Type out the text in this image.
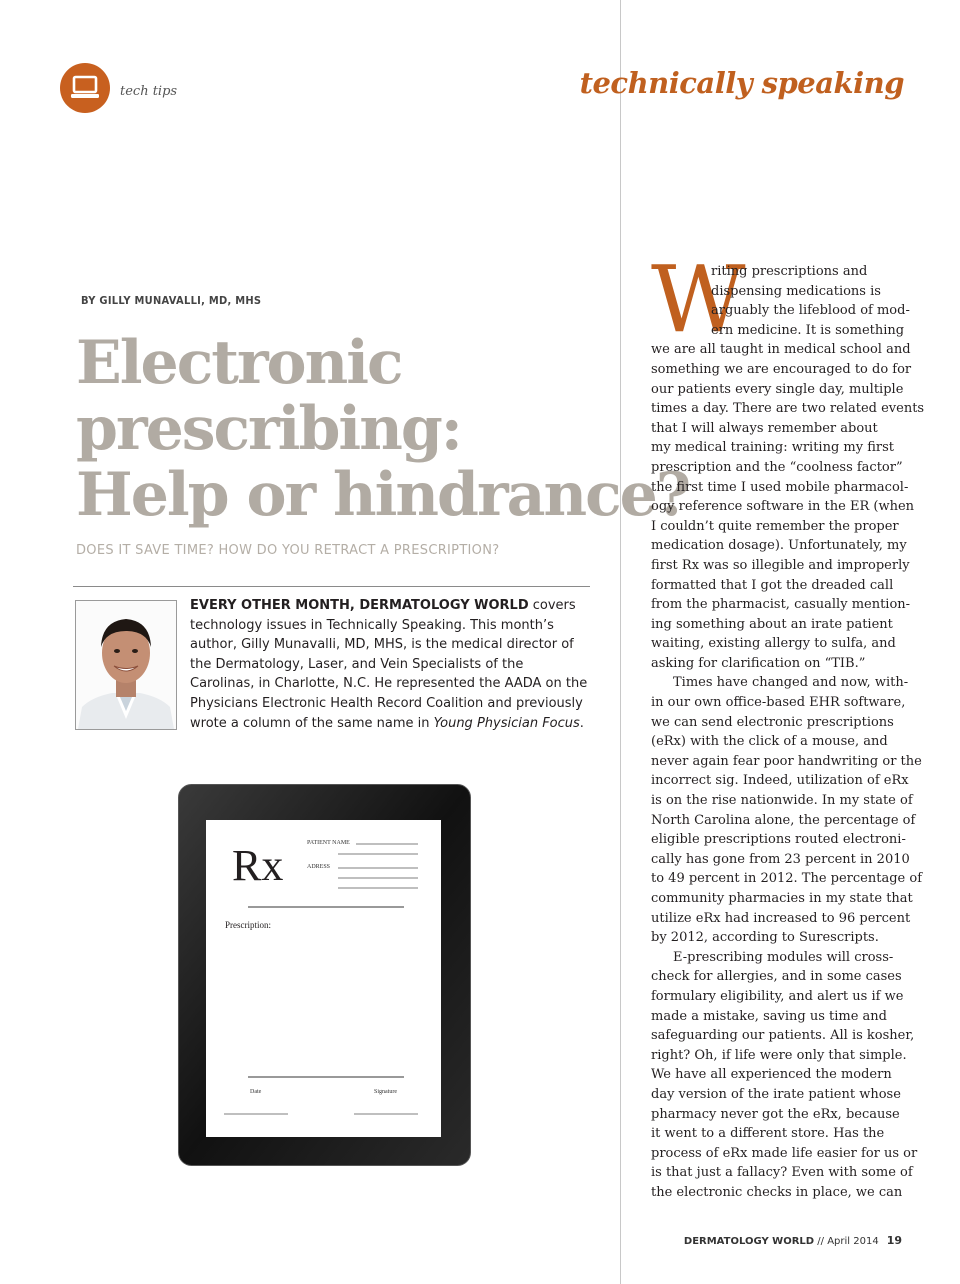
tech tips	technically speaking
BY GILLY MUNAVALLI, MD, MHS
Electronic
prescribing:
Help or hindrance?
DOES IT SAVE TIME? HOW DO YOU RETRACT A PRESCRIPTION?
EVERY OTHER MONTH, DERMATOLOGY WORLD covers technology issues in Technically Speaking. This month’s author, Gilly Munavalli, MD, MHS, is the medical director of the Dermatology, Laser, and Vein Specialists of the Carolinas, in Charlotte, N.C. He represented the AADA on the Physicians Electronic Health Record Coalition and previously wrote a column of the same name in Young Physician Focus.
Rx	PATIENT NAME
ADRESS
Prescription:
Date	Signature
W
riting prescriptions and
dispensing medications is
arguably the lifeblood of mod-
ern medicine. It is something
we are all taught in medical school and
something we are encouraged to do for
our patients every single day, multiple
times a day. There are two related events
that I will always remember about
my medical training: writing my first
prescription and the “coolness factor”
the first time I used mobile pharmacol-
ogy reference software in the ER (when
I couldn’t quite remember the proper
medication dosage). Unfortunately, my
first Rx was so illegible and improperly
formatted that I got the dreaded call
from the pharmacist, casually mention-
ing something about an irate patient
waiting, existing allergy to sulfa, and
asking for clarification on “TIB.”
Times have changed and now, with-
in our own office-based EHR software,
we can send electronic prescriptions
(eRx) with the click of a mouse, and
never again fear poor handwriting or the
incorrect sig. Indeed, utilization of eRx
is on the rise nationwide. In my state of
North Carolina alone, the percentage of
eligible prescriptions routed electroni-
cally has gone from 23 percent in 2010
to 49 percent in 2012. The percentage of
community pharmacies in my state that
utilize eRx had increased to 96 percent
by 2012, according to Surescripts.
E-prescribing modules will cross-
check for allergies, and in some cases
formulary eligibility, and alert us if we
made a mistake, saving us time and
safeguarding our patients. All is kosher,
right? Oh, if life were only that simple.
We have all experienced the modern
day version of the irate patient whose
pharmacy never got the eRx, because
it went to a different store. Has the
process of eRx made life easier for us or
is that just a fallacy? Even with some of
the electronic checks in place, we can
DERMATOLOGY WORLD // April 2014 19
